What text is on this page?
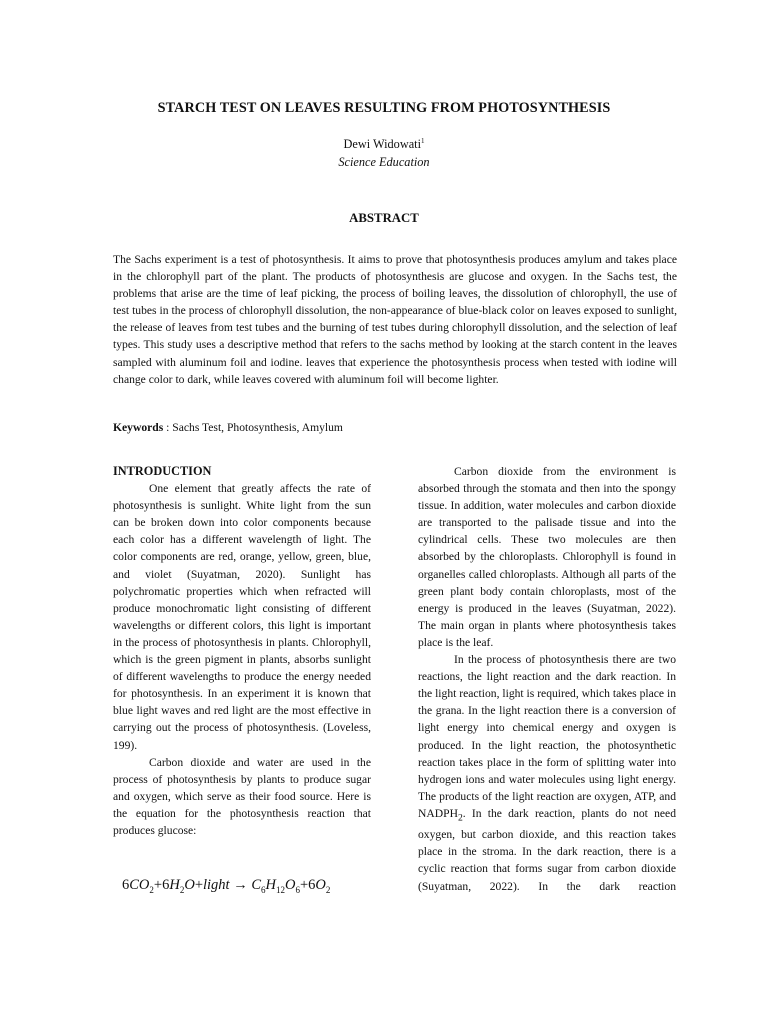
STARCH TEST ON LEAVES RESULTING FROM PHOTOSYNTHESIS
Dewi Widowati$^1$
Science Education
ABSTRACT

The Sachs experiment is a test of photosynthesis. It aims to prove that photosynthesis produces amylum and takes place in the chlorophyll part of the plant. The products of photosynthesis are glucose and oxygen. In the Sachs test, the problems that arise are the time of leaf picking, the process of boiling leaves, the dissolution of chlorophyll, the use of test tubes in the process of chlorophyll dissolution, the non-appearance of blue-black color on leaves exposed to sunlight, the release of leaves from test tubes and the burning of test tubes during chlorophyll dissolution, and the selection of leaf types. This study uses a descriptive method that refers to the sachs method by looking at the starch content in the leaves sampled with aluminum foil and iodine. leaves that experience the photosynthesis process when tested with iodine will change color to dark, while leaves covered with aluminum foil will become lighter.

Keywords : Sachs Test, Photosynthesis, Amylum

INTRODUCTION

One element that greatly affects the rate of photosynthesis is sunlight. White light from the sun can be broken down into color components because each color has a different wavelength of light. The color components are red, orange, yellow, green, blue, and violet (Suyatman, 2020). Sunlight has polychromatic properties which when refracted will produce monochromatic light consisting of different wavelengths or different colors, this light is important in the process of photosynthesis in plants. Chlorophyll, which is the green pigment in plants, absorbs sunlight of different wavelengths to produce the energy needed for photosynthesis. In an experiment it is known that blue light waves and red light are the most effective in carrying out the process of photosynthesis. (Loveless, 199).

Carbon dioxide and water are used in the process of photosynthesis by plants to produce sugar and oxygen, which serve as their food source. Here is the equation for the photosynthesis reaction that produces glucose:

$6CO_2+6H_2O+light \to C_6H_{12}O_6+6O_2$

Carbon dioxide from the environment is absorbed through the stomata and then into the spongy tissue. In addition, water molecules and carbon dioxide are transported to the palisade tissue and into the cylindrical cells. These two molecules are then absorbed by the chloroplasts. Chlorophyll is found in organelles called chloroplasts. Although all parts of the green plant body contain chloroplasts, most of the energy is produced in the leaves (Suyatman, 2022). The main organ in plants where photosynthesis takes place is the leaf.

In the process of photosynthesis there are two reactions, the light reaction and the dark reaction. In the light reaction, light is required, which takes place in the grana. In the light reaction there is a conversion of light energy into chemical energy and oxygen is produced. In the light reaction, the photosynthetic reaction takes place in the form of splitting water into hydrogen ions and water molecules using light energy. The products of the light reaction are oxygen, ATP, and $NADPH_2$. In the dark reaction, plants do not need oxygen, but carbon dioxide, and this reaction takes place in the stroma. In the dark reaction, there is a cyclic reaction that forms sugar from carbon dioxide (Suyatman, 2022). In the dark reaction
